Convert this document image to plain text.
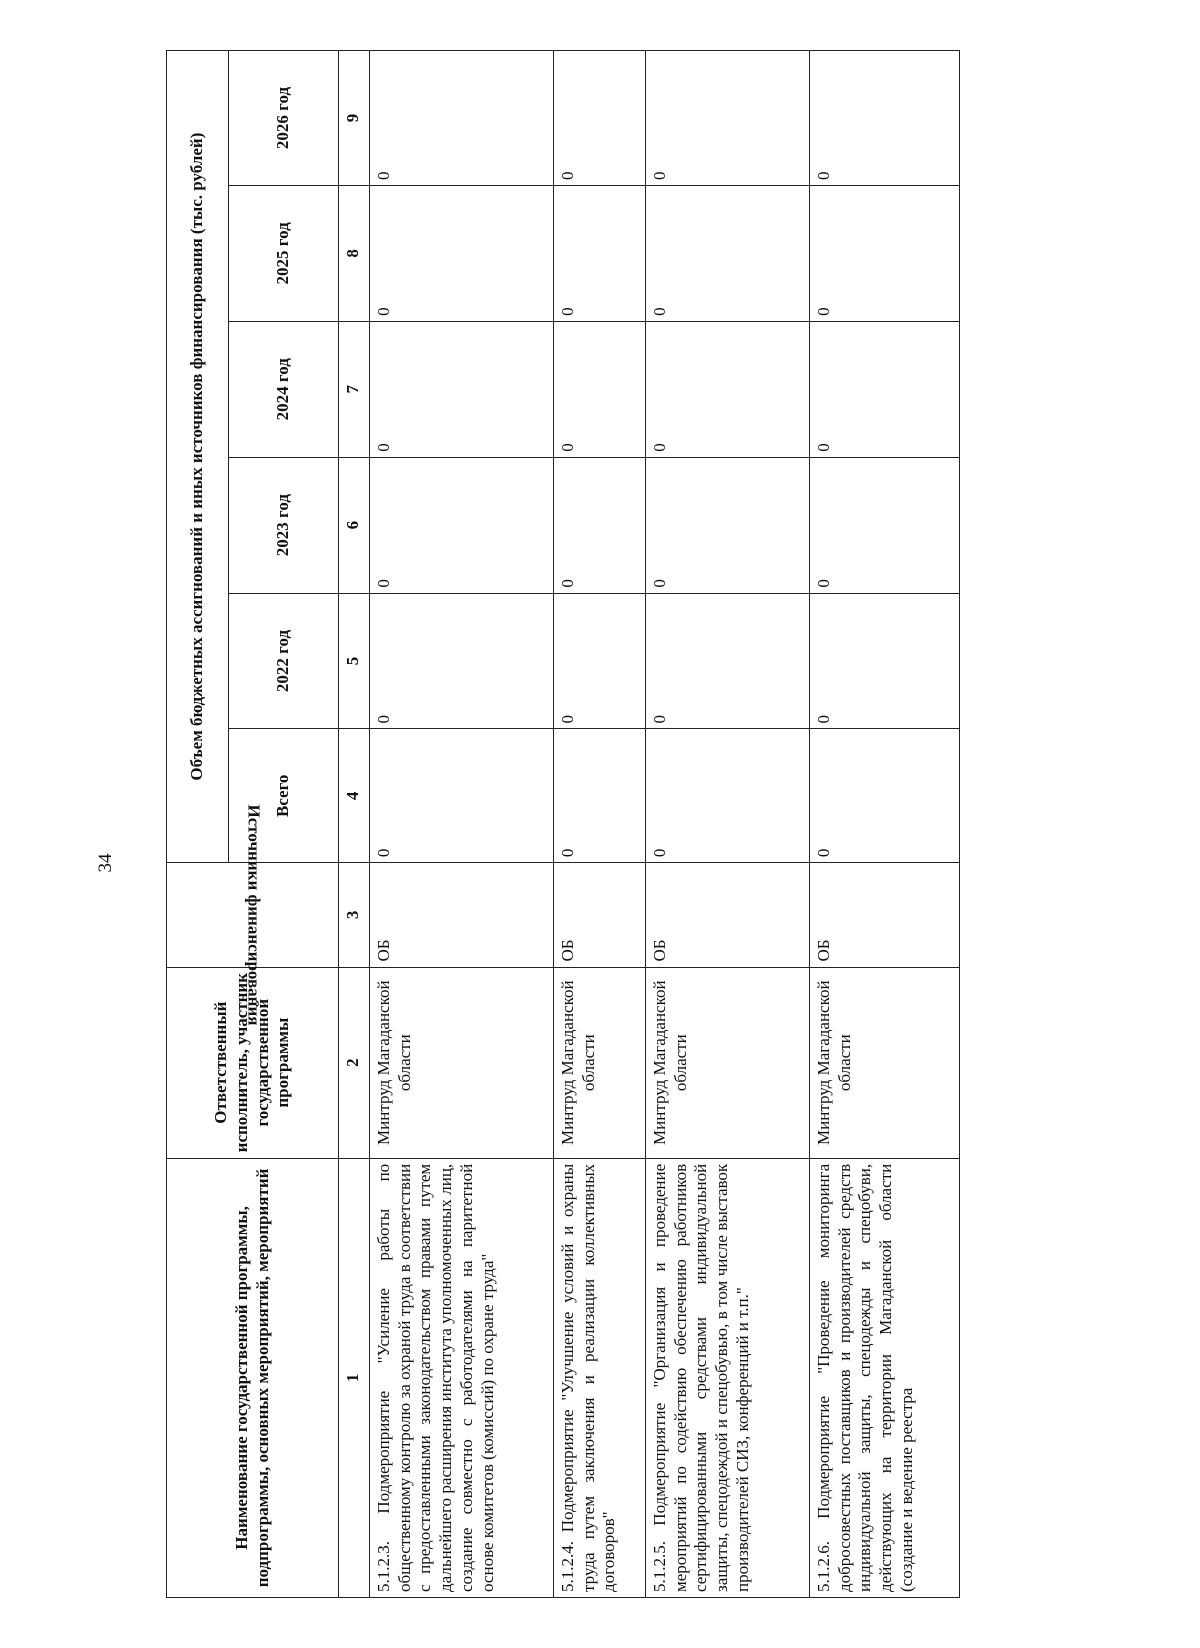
34
Наименование государственной программы, подпрограммы, основных мероприятий, мероприятий	Ответственный исполнитель, участник государственной программы	Источники финансирования	Объем бюджетных ассигнований и иных источников финансирования (тыс. рублей)					
			Всего	2022 год	2023 год	2024 год	2025 год	2026 год
1	2	3	4	5	6	7	8	9
5.1.2.3. Подмероприятие "Усиление работы по общественному контролю за охраной труда в соответствии с предоставленными законодательством правами путем дальнейшего расширения института уполномоченных лиц, создание совместно с работодателями на паритетной основе комитетов (комиссий) по охране труда"	Минтруд Магаданской области	ОБ	0	0	0	0	0	0
5.1.2.4. Подмероприятие "Улучшение условий и охраны труда путем заключения и реализации коллективных договоров"	Минтруд Магаданской области	ОБ	0	0	0	0	0	0
5.1.2.5. Подмероприятие "Организация и проведение мероприятий по содействию обеспечению работников сертифицированными средствами индивидуальной защиты, спецодеждой и спецобувью, в том числе выставок производителей СИЗ, конференций и т.п."	Минтруд Магаданской области	ОБ	0	0	0	0	0	0
5.1.2.6. Подмероприятие "Проведение мониторинга добросовестных поставщиков и производителей средств индивидуальной защиты, спецодежды и спецобуви, действующих на территории Магаданской области (создание и ведение реестра	Минтруд Магаданской области	ОБ	0	0	0	0	0	0
